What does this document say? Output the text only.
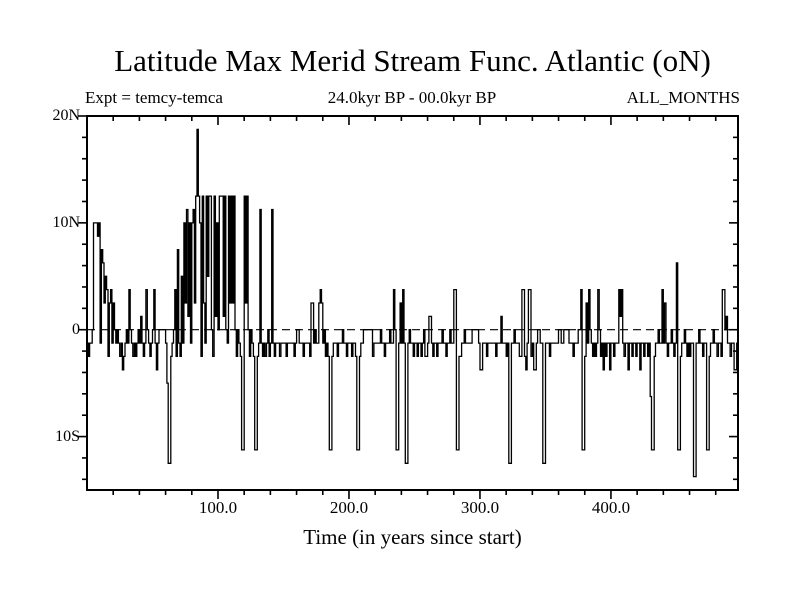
Latitude Max Merid Stream Func. Atlantic (oN)
Expt = temcy-temca	24.0kyr BP - 00.0kyr BP	ALL_MONTHS
100.0	200.0	300.0	400.0
10S
0
10N
20N
Time (in years since start)
